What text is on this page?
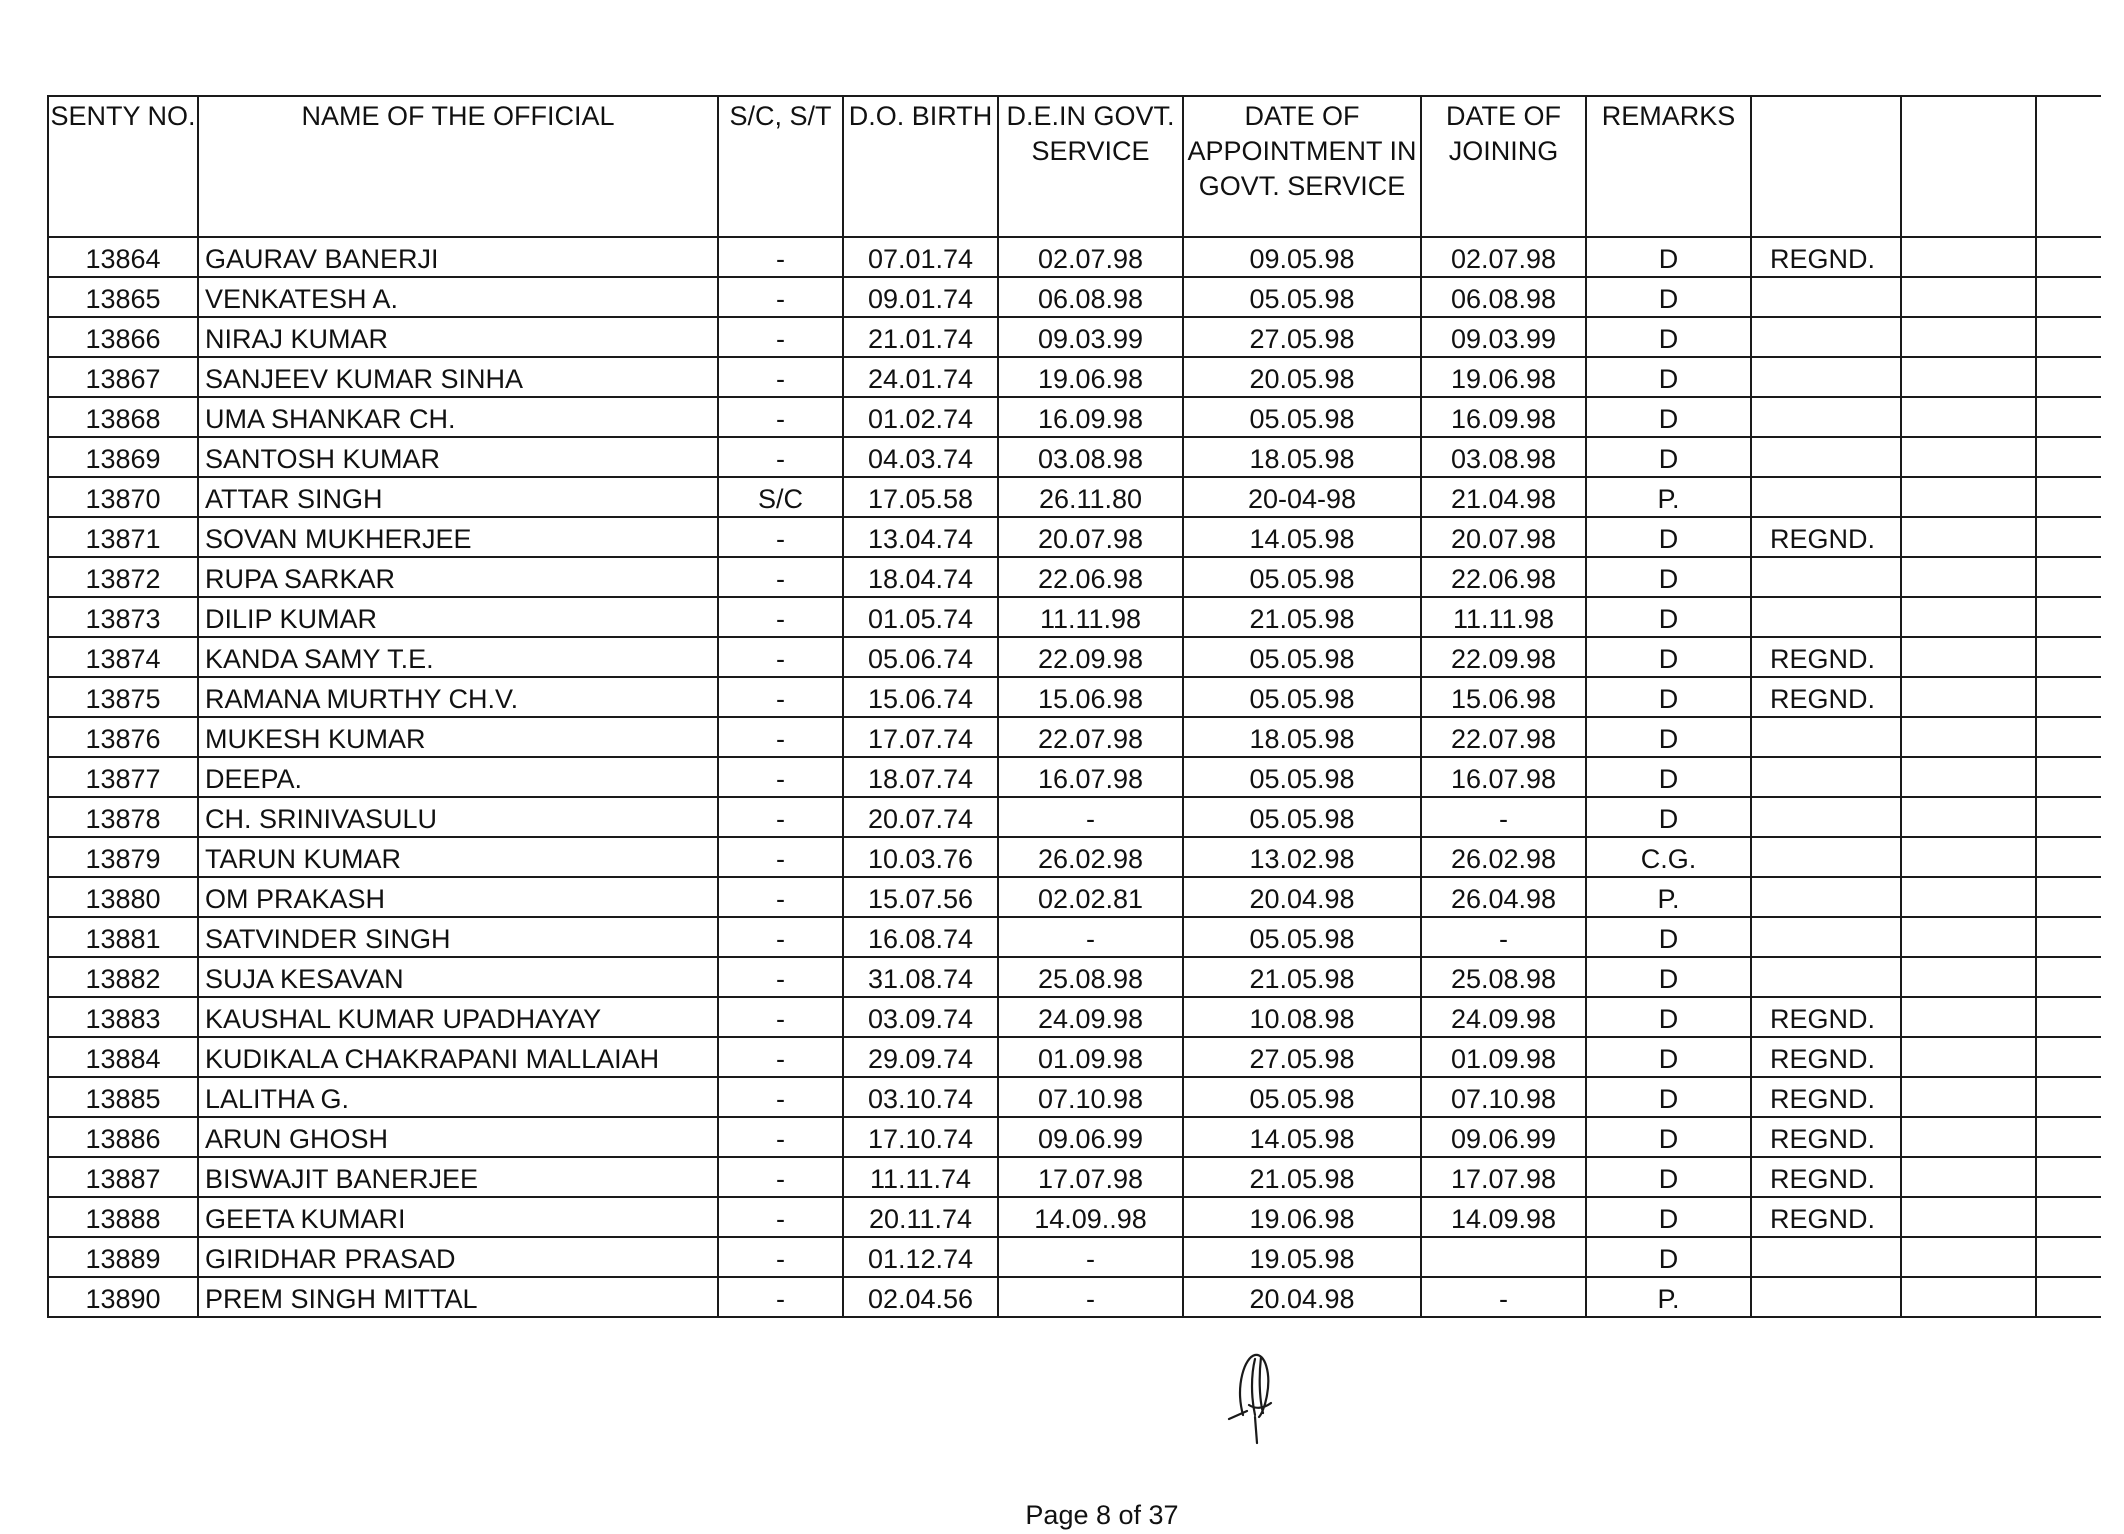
SENTY NO.	NAME OF THE OFFICIAL	S/C, S/T	D.O. BIRTH	D.E.IN GOVT. SERVICE	DATE OF APPOINTMENT IN GOVT. SERVICE	DATE OF JOINING	REMARKS			
13864	GAURAV BANERJI	-	07.01.74	02.07.98	09.05.98	02.07.98	D	REGND.		
13865	VENKATESH A.	-	09.01.74	06.08.98	05.05.98	06.08.98	D			
13866	NIRAJ KUMAR	-	21.01.74	09.03.99	27.05.98	09.03.99	D			
13867	SANJEEV KUMAR SINHA	-	24.01.74	19.06.98	20.05.98	19.06.98	D			
13868	UMA SHANKAR CH.	-	01.02.74	16.09.98	05.05.98	16.09.98	D			
13869	SANTOSH KUMAR	-	04.03.74	03.08.98	18.05.98	03.08.98	D			
13870	ATTAR SINGH	S/C	17.05.58	26.11.80	20-04-98	21.04.98	P.			
13871	SOVAN MUKHERJEE	-	13.04.74	20.07.98	14.05.98	20.07.98	D	REGND.		
13872	RUPA SARKAR	-	18.04.74	22.06.98	05.05.98	22.06.98	D			
13873	DILIP KUMAR	-	01.05.74	11.11.98	21.05.98	11.11.98	D			
13874	KANDA SAMY T.E.	-	05.06.74	22.09.98	05.05.98	22.09.98	D	REGND.		
13875	RAMANA MURTHY CH.V.	-	15.06.74	15.06.98	05.05.98	15.06.98	D	REGND.		
13876	MUKESH KUMAR	-	17.07.74	22.07.98	18.05.98	22.07.98	D			
13877	DEEPA.	-	18.07.74	16.07.98	05.05.98	16.07.98	D			
13878	CH. SRINIVASULU	-	20.07.74	-	05.05.98	-	D			
13879	TARUN KUMAR	-	10.03.76	26.02.98	13.02.98	26.02.98	C.G.			
13880	OM PRAKASH	-	15.07.56	02.02.81	20.04.98	26.04.98	P.			
13881	SATVINDER SINGH	-	16.08.74	-	05.05.98	-	D			
13882	SUJA KESAVAN	-	31.08.74	25.08.98	21.05.98	25.08.98	D			
13883	KAUSHAL KUMAR UPADHAYAY	-	03.09.74	24.09.98	10.08.98	24.09.98	D	REGND.		
13884	KUDIKALA CHAKRAPANI MALLAIAH	-	29.09.74	01.09.98	27.05.98	01.09.98	D	REGND.		
13885	LALITHA G.	-	03.10.74	07.10.98	05.05.98	07.10.98	D	REGND.		
13886	ARUN GHOSH	-	17.10.74	09.06.99	14.05.98	09.06.99	D	REGND.		
13887	BISWAJIT BANERJEE	-	11.11.74	17.07.98	21.05.98	17.07.98	D	REGND.		
13888	GEETA KUMARI	-	20.11.74	14.09..98	19.06.98	14.09.98	D	REGND.		
13889	GIRIDHAR PRASAD	-	01.12.74	-	19.05.98		D			
13890	PREM SINGH MITTAL	-	02.04.56	-	20.04.98	-	P.			
Page 8 of 37
